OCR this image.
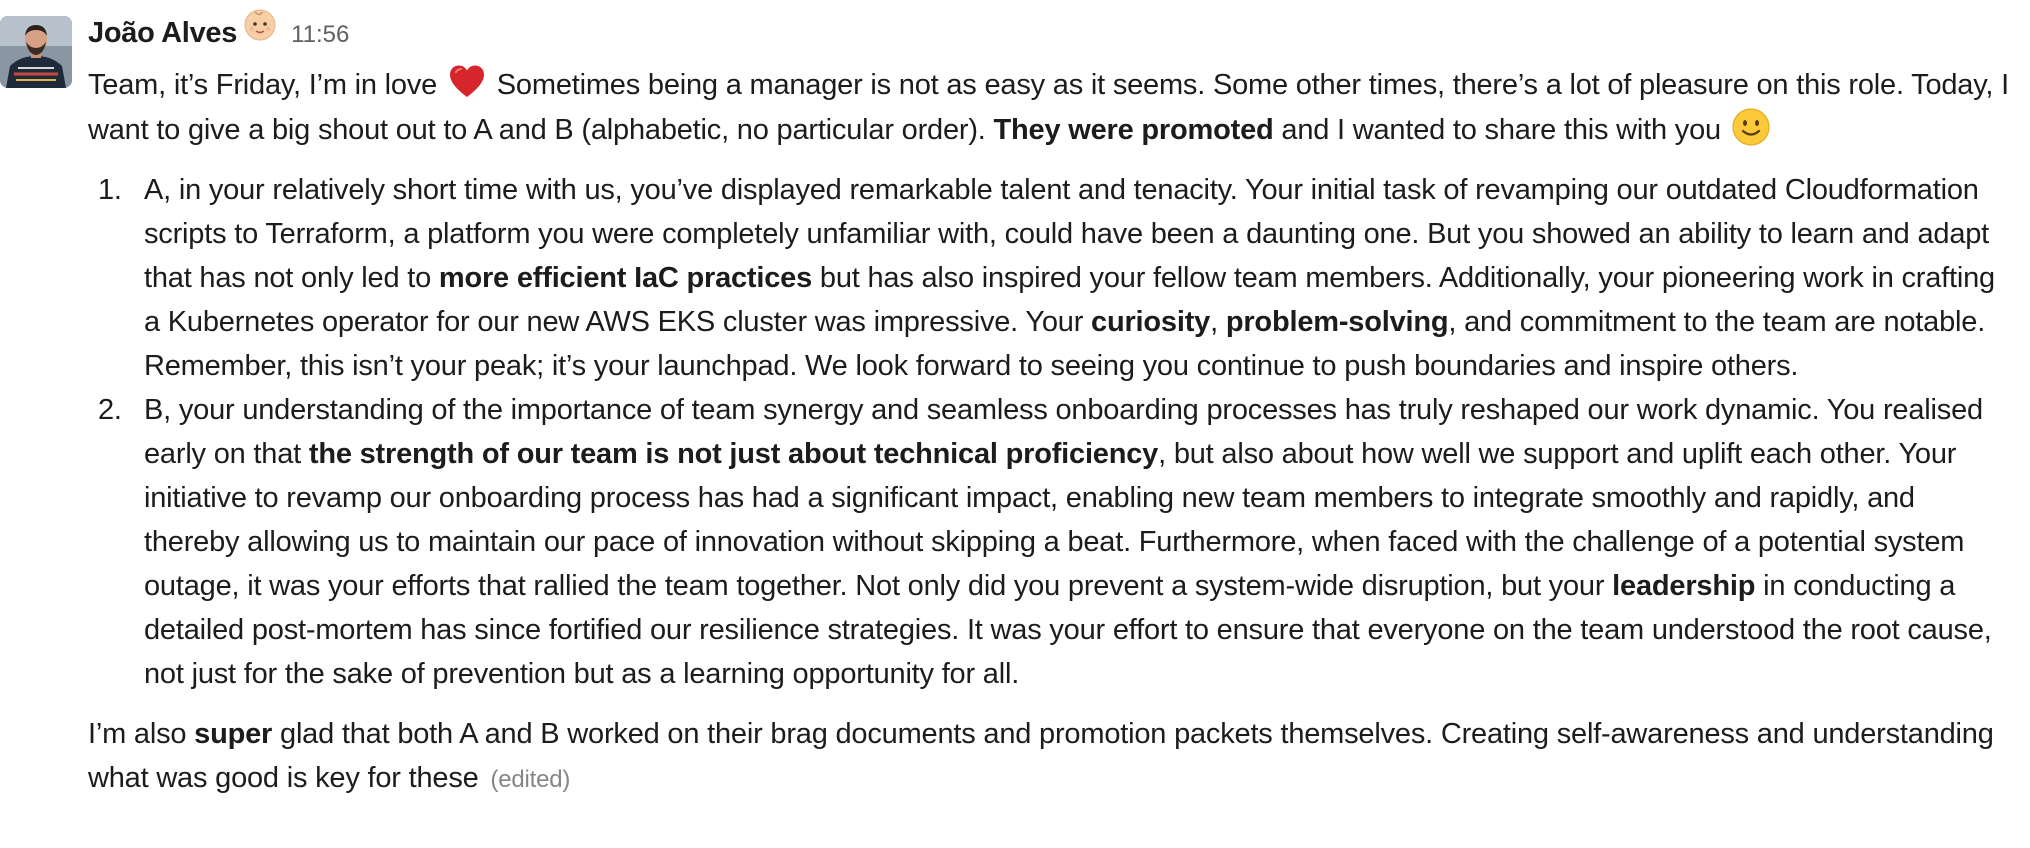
João Alves 11:56

Team, it’s Friday, I’m in love  Sometimes being a manager is not as easy as it seems. Some other times, there’s a lot of pleasure on this role. Today, I want to give a big shout out to A and B (alphabetic, no particular order). They were promoted and I wanted to share this with you

1. A, in your relatively short time with us, you’ve displayed remarkable talent and tenacity. Your initial task of revamping our outdated Cloudformation scripts to Terraform, a platform you were completely unfamiliar with, could have been a daunting one. But you showed an ability to learn and adapt that has not only led to more efficient IaC practices but has also inspired your fellow team members. Additionally, your pioneering work in crafting a Kubernetes operator for our new AWS EKS cluster was impressive. Your curiosity, problem-solving, and commitment to the team are notable. Remember, this isn’t your peak; it’s your launchpad. We look forward to seeing you continue to push boundaries and inspire others.
2. B, your understanding of the importance of team synergy and seamless onboarding processes has truly reshaped our work dynamic. You realised early on that the strength of our team is not just about technical proficiency, but also about how well we support and uplift each other. Your initiative to revamp our onboarding process has had a significant impact, enabling new team members to integrate smoothly and rapidly, and thereby allowing us to maintain our pace of innovation without skipping a beat. Furthermore, when faced with the challenge of a potential system outage, it was your efforts that rallied the team together. Not only did you prevent a system-wide disruption, but your leadership in conducting a detailed post-mortem has since fortified our resilience strategies. It was your effort to ensure that everyone on the team understood the root cause, not just for the sake of prevention but as a learning opportunity for all.

I’m also super glad that both A and B worked on their brag documents and promotion packets themselves. Creating self-awareness and understanding what was good is key for these (edited)
